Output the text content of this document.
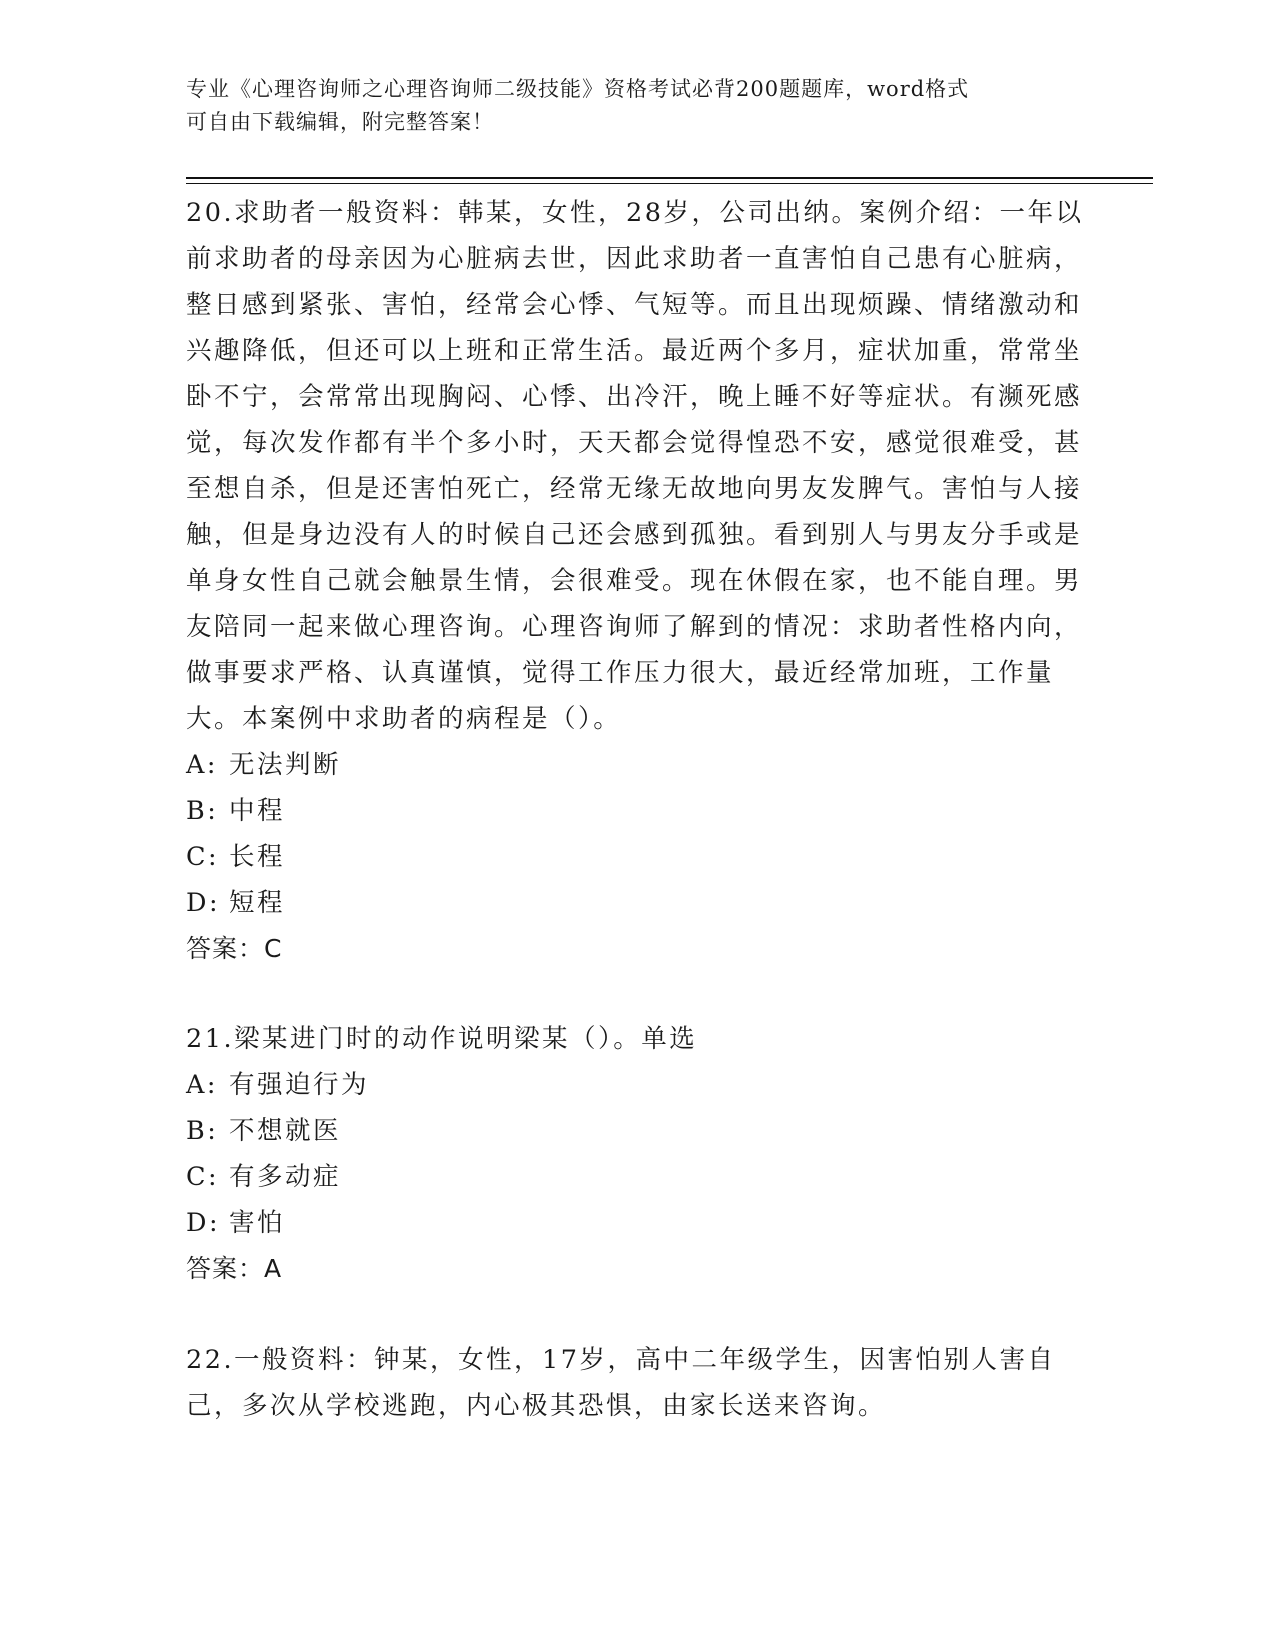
专业《心理咨询师之心理咨询师二级技能》资格考试必背200题题库，word格式
可自由下载编辑，附完整答案！
20.求助者一般资料：韩某，女性，28岁，公司出纳。案例介绍：一年以前求助者的母亲因为心脏病去世，因此求助者一直害怕自己患有心脏病，整日感到紧张、害怕，经常会心悸、气短等。而且出现烦躁、情绪激动和兴趣降低，但还可以上班和正常生活。最近两个多月，症状加重，常常坐卧不宁，会常常出现胸闷、心悸、出冷汗，晚上睡不好等症状。有濒死感觉，每次发作都有半个多小时，天天都会觉得惶恐不安，感觉很难受，甚至想自杀，但是还害怕死亡，经常无缘无故地向男友发脾气。害怕与人接触，但是身边没有人的时候自己还会感到孤独。看到别人与男友分手或是单身女性自己就会触景生情，会很难受。现在休假在家，也不能自理。男友陪同一起来做心理咨询。心理咨询师了解到的情况：求助者性格内向，做事要求严格、认真谨慎，觉得工作压力很大，最近经常加班，工作量大。本案例中求助者的病程是（）。
A: 无法判断
B: 中程
C: 长程
D: 短程
答案：C
21.梁某进门时的动作说明梁某（）。单选
A: 有强迫行为
B: 不想就医
C: 有多动症
D: 害怕
答案：A
22.一般资料：钟某，女性，17岁，高中二年级学生，因害怕别人害自己，多次从学校逃跑，内心极其恐惧，由家长送来咨询。
